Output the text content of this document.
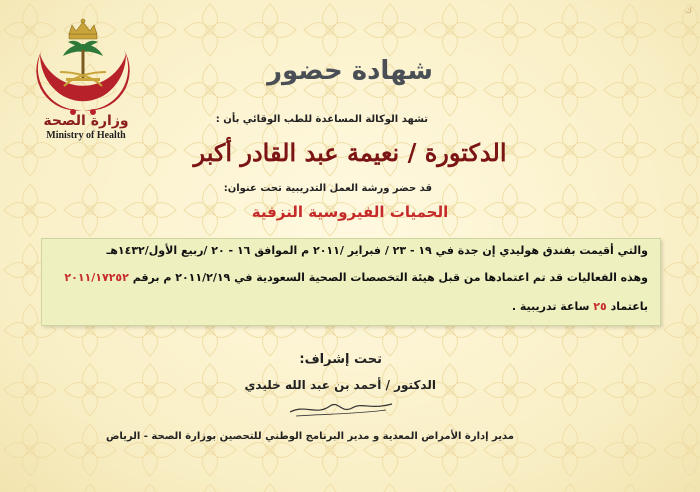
ك
وزارة الصحة
Ministry of Health
شهادة حضور
تشهد الوكالة المساعدة للطب الوقائي بأن :
الدكتورة / نعيمة عبد القادر أكبر
قد حضر ورشة العمل التدريبية تحت عنوان:
الحميات الفيروسية النزفية
والتي أقيمت بفندق هوليدي إن جدة في ١٩ - ٢٣ / فبراير /٢٠١١ م الموافق ١٦ - ٢٠ /ربيع الأول/١٤٣٢هـ
وهذه الفعاليات قد تم اعتمادها من قبل هيئة التخصصات الصحية السعودية في ٢٠١١/٢/١٩ م برقم ٢٠١١/١٧٢٥٢
باعتماد ٢٥ ساعة تدريبية .
تحت إشراف:
الدكتور / أحمد بن عبد الله خليدي
مدير إدارة الأمراض المعدية و مدير البرنامج الوطني للتحصين بوزارة الصحة - الرياض
